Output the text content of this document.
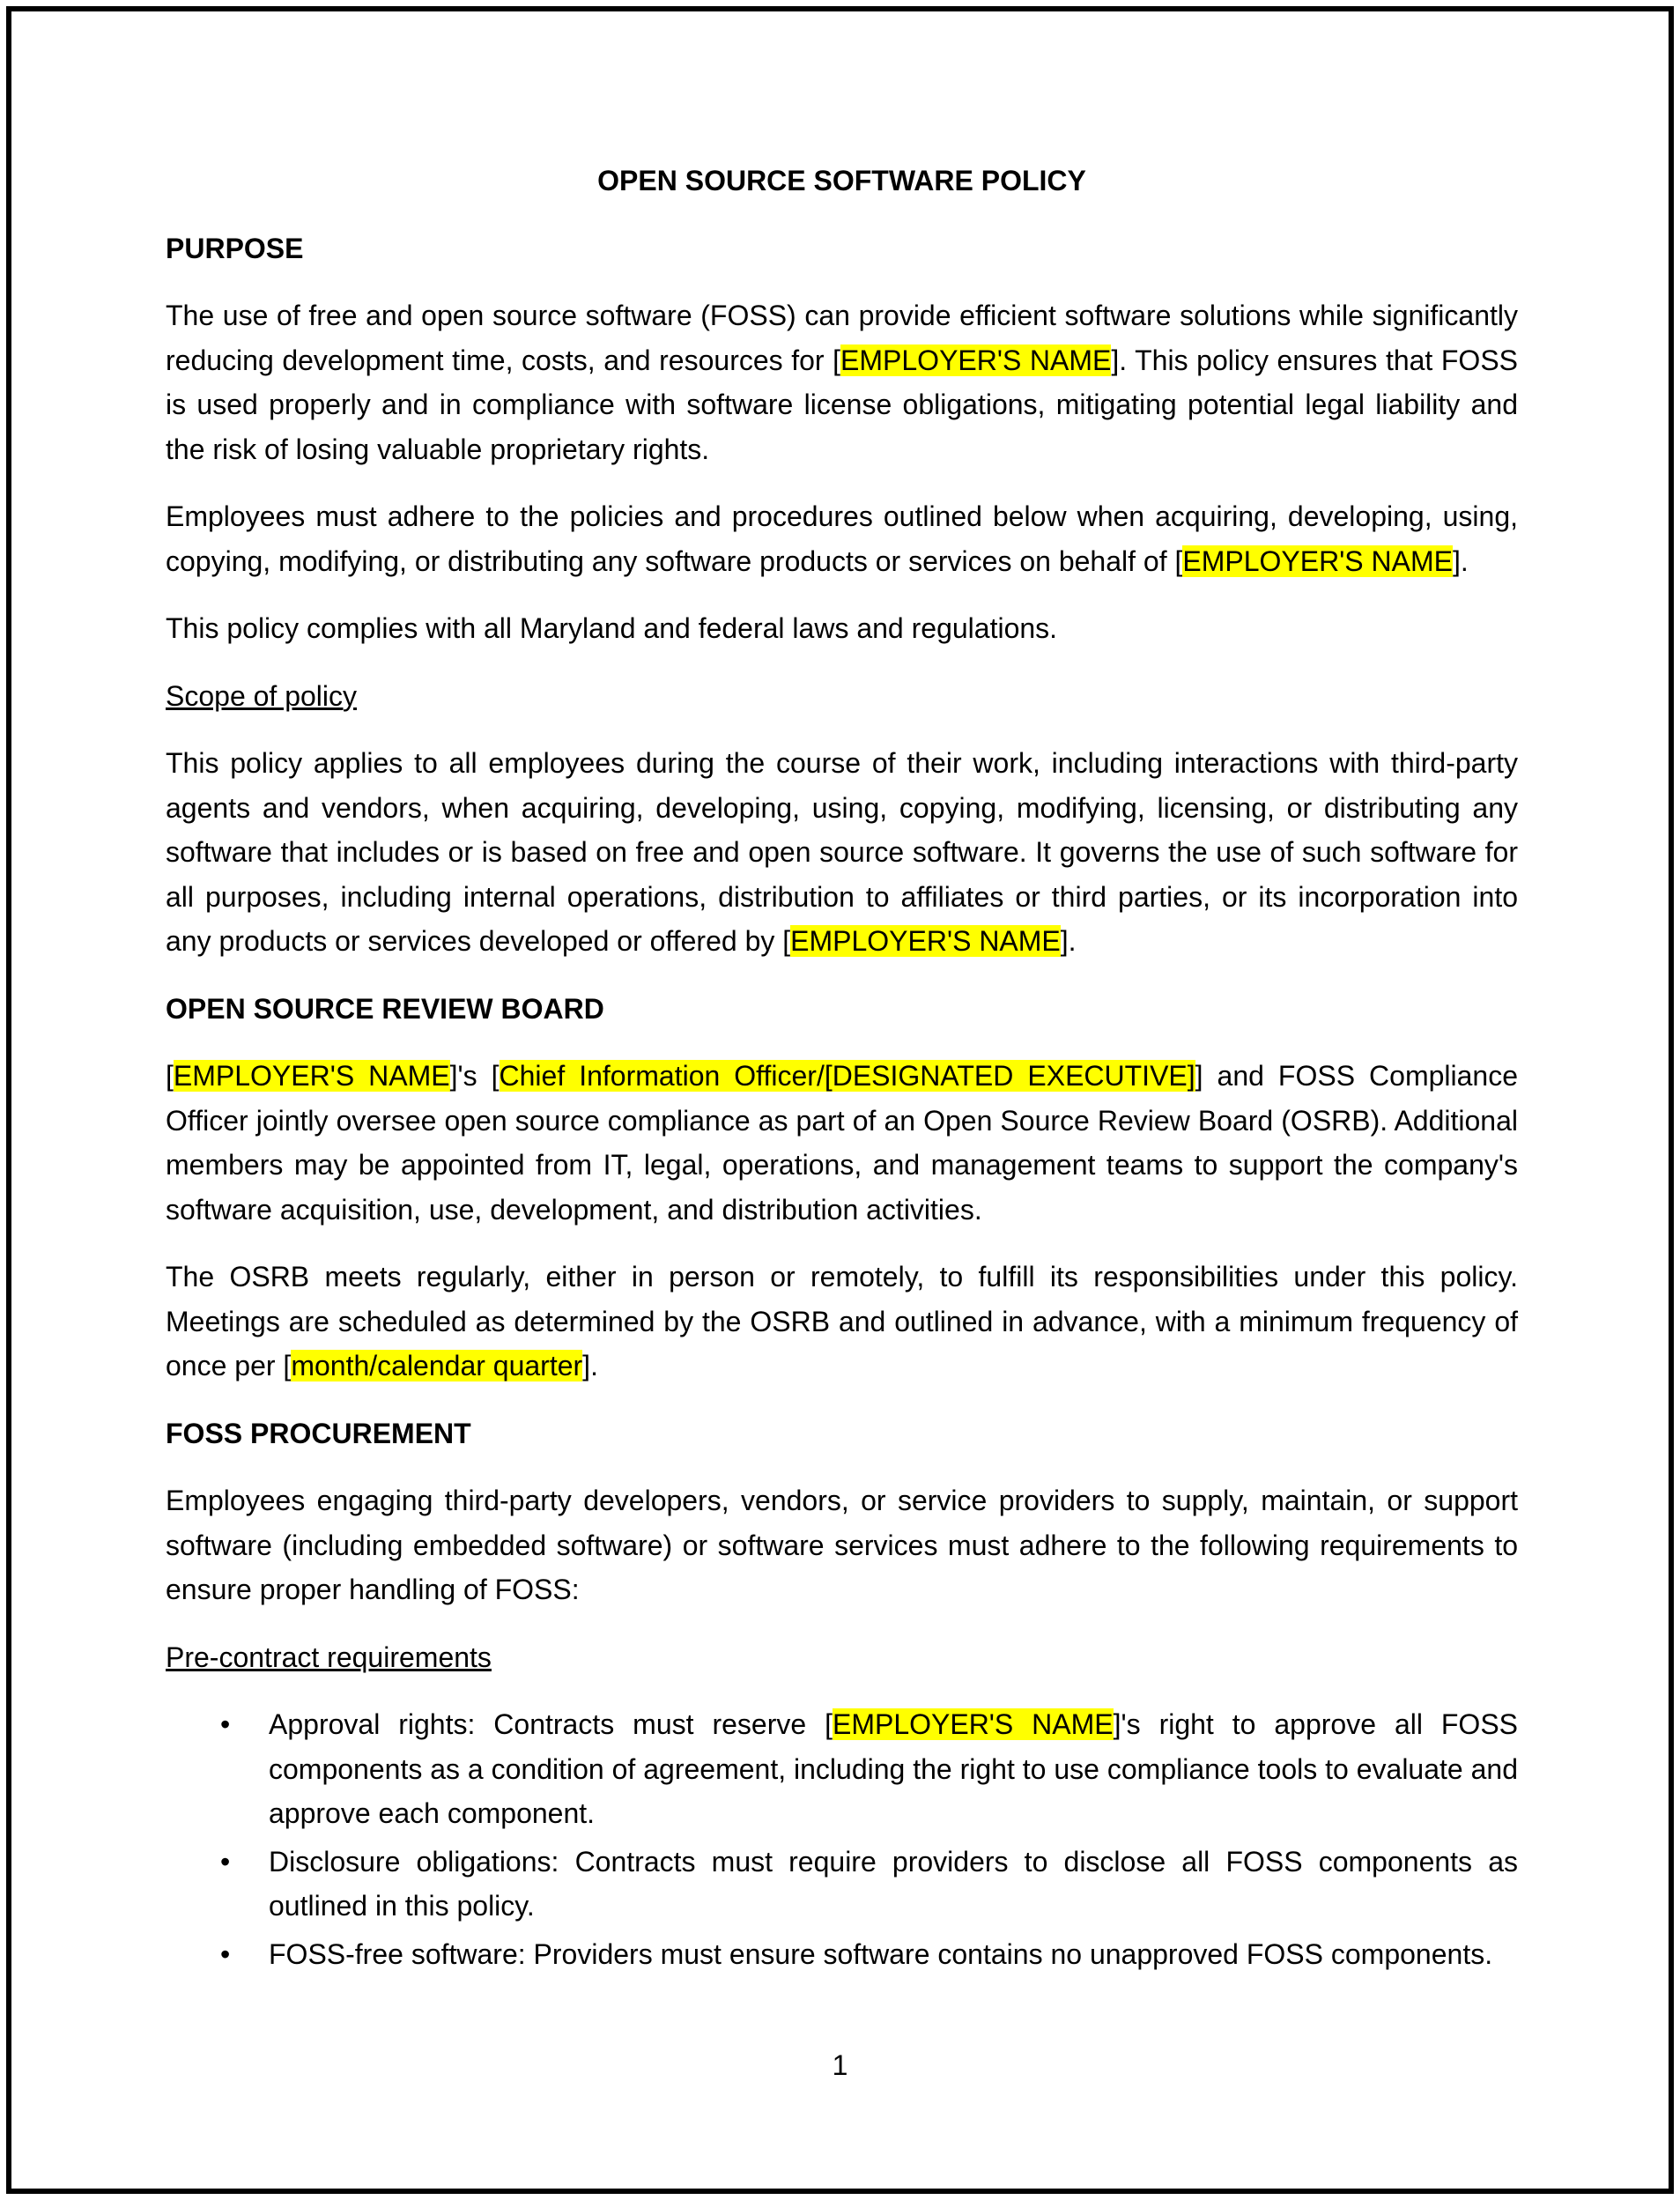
OPEN SOURCE SOFTWARE POLICY
PURPOSE
The use of free and open source software (FOSS) can provide efficient software solutions while significantly reducing development time, costs, and resources for [EMPLOYER'S NAME]. This policy ensures that FOSS is used properly and in compliance with software license obligations, mitigating potential legal liability and the risk of losing valuable proprietary rights.
Employees must adhere to the policies and procedures outlined below when acquiring, developing, using, copying, modifying, or distributing any software products or services on behalf of [EMPLOYER'S NAME].
This policy complies with all Maryland and federal laws and regulations.
Scope of policy
This policy applies to all employees during the course of their work, including interactions with third-party agents and vendors, when acquiring, developing, using, copying, modifying, licensing, or distributing any software that includes or is based on free and open source software. It governs the use of such software for all purposes, including internal operations, distribution to affiliates or third parties, or its incorporation into any products or services developed or offered by [EMPLOYER'S NAME].
OPEN SOURCE REVIEW BOARD
[EMPLOYER'S NAME]'s [Chief Information Officer/[DESIGNATED EXECUTIVE]] and FOSS Compliance Officer jointly oversee open source compliance as part of an Open Source Review Board (OSRB). Additional members may be appointed from IT, legal, operations, and management teams to support the company's software acquisition, use, development, and distribution activities.
The OSRB meets regularly, either in person or remotely, to fulfill its responsibilities under this policy. Meetings are scheduled as determined by the OSRB and outlined in advance, with a minimum frequency of once per [month/calendar quarter].
FOSS PROCUREMENT
Employees engaging third-party developers, vendors, or service providers to supply, maintain, or support software (including embedded software) or software services must adhere to the following requirements to ensure proper handling of FOSS:
Pre-contract requirements
• Approval rights: Contracts must reserve [EMPLOYER'S NAME]'s right to approve all FOSS components as a condition of agreement, including the right to use compliance tools to evaluate and approve each component.
• Disclosure obligations: Contracts must require providers to disclose all FOSS components as outlined in this policy.
• FOSS-free software: Providers must ensure software contains no unapproved FOSS components.
1
